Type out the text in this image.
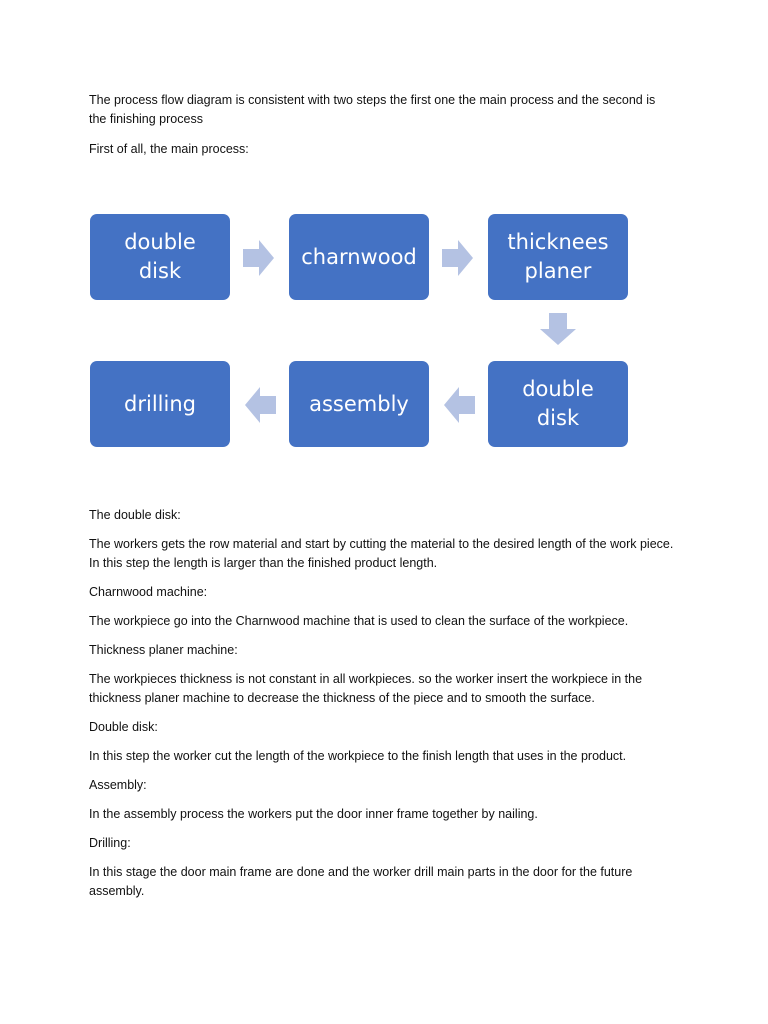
The process flow diagram is consistent with two steps the first one the main process and the second is the finishing process

First of all, the main process:

double
disk
charnwood
thicknees
planer
double
disk
assembly
drilling

The double disk:

The workers gets the row material and start by cutting the material to the desired length of the work piece. In this step the length is larger than the finished product length.

Charnwood machine:

The workpiece go into the Charnwood machine that is used to clean the surface of the workpiece.

Thickness planer machine:

The workpieces thickness is not constant in all workpieces. so the worker insert the workpiece in the thickness planer machine to decrease the thickness of the piece and to smooth the surface.

Double disk:

In this step the worker cut the length of the workpiece to the finish length that uses in the product.

Assembly:

In the assembly process the workers put the door inner frame together by nailing.

Drilling:

In this stage the door main frame are done and the worker drill main parts in the door for the future assembly.
